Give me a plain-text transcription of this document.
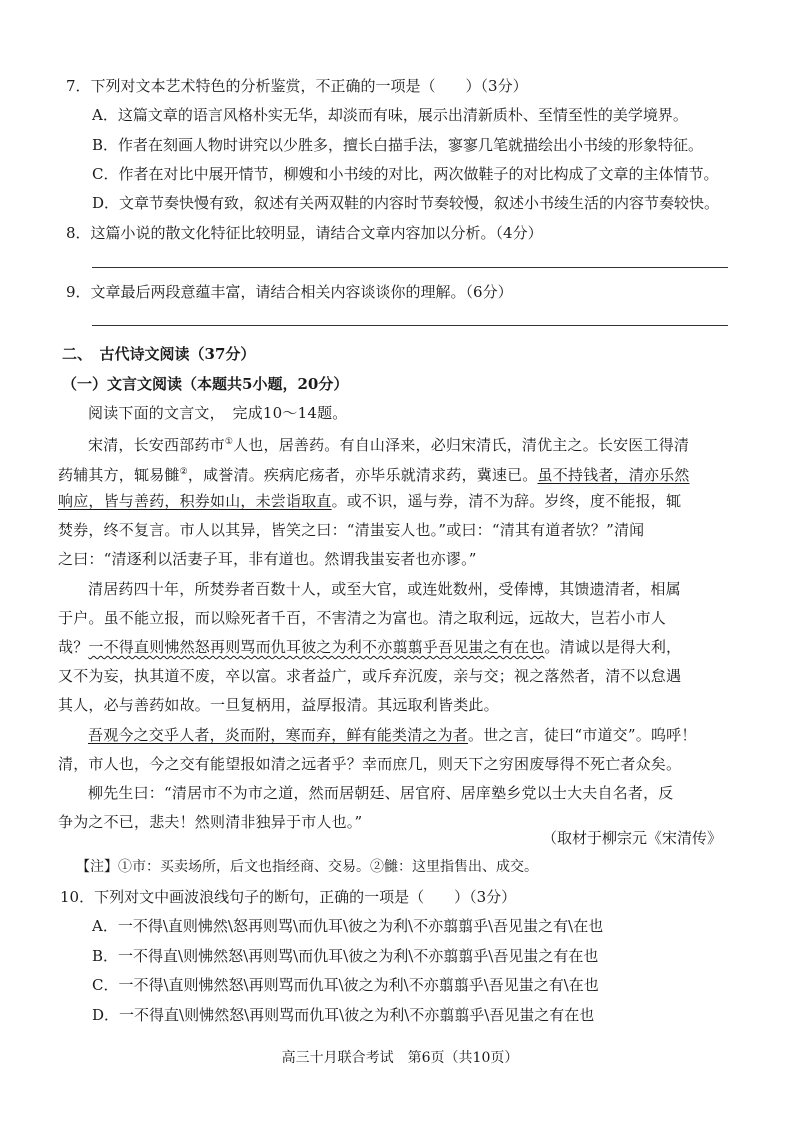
7．下列对文本艺术特色的分析鉴赏，不正确的一项是（　　）（3分）
A．这篇文章的语言风格朴实无华，却淡而有味，展示出清新质朴、至情至性的美学境界。
B．作者在刻画人物时讲究以少胜多，擅长白描手法，寥寥几笔就描绘出小书绫的形象特征。
C．作者在对比中展开情节，柳嫂和小书绫的对比，两次做鞋子的对比构成了文章的主体情节。
D．文章节奏快慢有致，叙述有关两双鞋的内容时节奏较慢，叙述小书绫生活的内容节奏较快。
8．这篇小说的散文化特征比较明显，请结合文章内容加以分析。（4分）
9．文章最后两段意蕴丰富，请结合相关内容谈谈你的理解。（6分）
二、　古代诗文阅读（37分）
（一）文言文阅读（本题共5小题，20分）
阅读下面的文言文，　完成10～14题。
宋清，长安西部药市①人也，居善药。有自山泽来，必归宋清氏，清优主之。长安医工得清
药辅其方，辄易雠②，咸誉清。疾病庀疡者，亦毕乐就清求药，冀速已。虽不持钱者，清亦乐然
响应，皆与善药，积券如山，未尝诣取直。或不识，遥与券，清不为辞。岁终，度不能报，辄
焚券，终不复言。市人以其异，皆笑之曰：“清蚩妄人也。”或曰：“清其有道者欤？”清闻
之曰：“清逐利以活妻子耳，非有道也。然谓我蚩妄者也亦谬。”
清居药四十年，所焚券者百数十人，或至大官，或连妣数州，受俸博，其馈遗清者，相属
于户。虽不能立报，而以赊死者千百，不害清之为富也。清之取利远，远故大，岂若小市人
哉？一不得直则怫然怒再则骂而仇耳彼之为利不亦翦翦乎吾见蚩之有在也。清诚以是得大利，
又不为妄，执其道不废，卒以富。求者益广，或斥弃沉废，亲与交；视之落然者，清不以怠遇
其人，必与善药如故。一旦复柄用，益厚报清。其远取利皆类此。
吾观今之交乎人者，炎而附，寒而弃，鲜有能类清之为者。世之言，徒曰“市道交”。呜呼！
清，市人也，今之交有能望报如清之远者乎？幸而庶几，则天下之穷困废辱得不死亡者众矣。
柳先生曰：“清居市不为市之道，然而居朝廷、居官府、居庠塾乡党以士大夫自名者，反
争为之不已，悲夫！然则清非独异于市人也。”
（取材于柳宗元《宋清传》
【注】①市：买卖场所，后文也指经商、交易。②雠：这里指售出、成交。
10．下列对文中画波浪线句子的断句，正确的一项是（　　）（3分）
A．一不得\直则怫然\怒再则骂\而仇耳\彼之为利\不亦翦翦乎\吾见蚩之有\在也
B．一不得直\则怫然怒\再则骂\而仇耳\彼之为利\不亦翦翦乎\吾见蚩之有在也
C．一不得\直则怫然怒\再则骂而仇耳\彼之为利\不亦翦翦乎\吾见蚩之有\在也
D．一不得直\则怫然怒\再则骂而仇耳\彼之为利\不亦翦翦乎\吾见蚩之有在也
高三十月联合考试　第6页（共10页）
